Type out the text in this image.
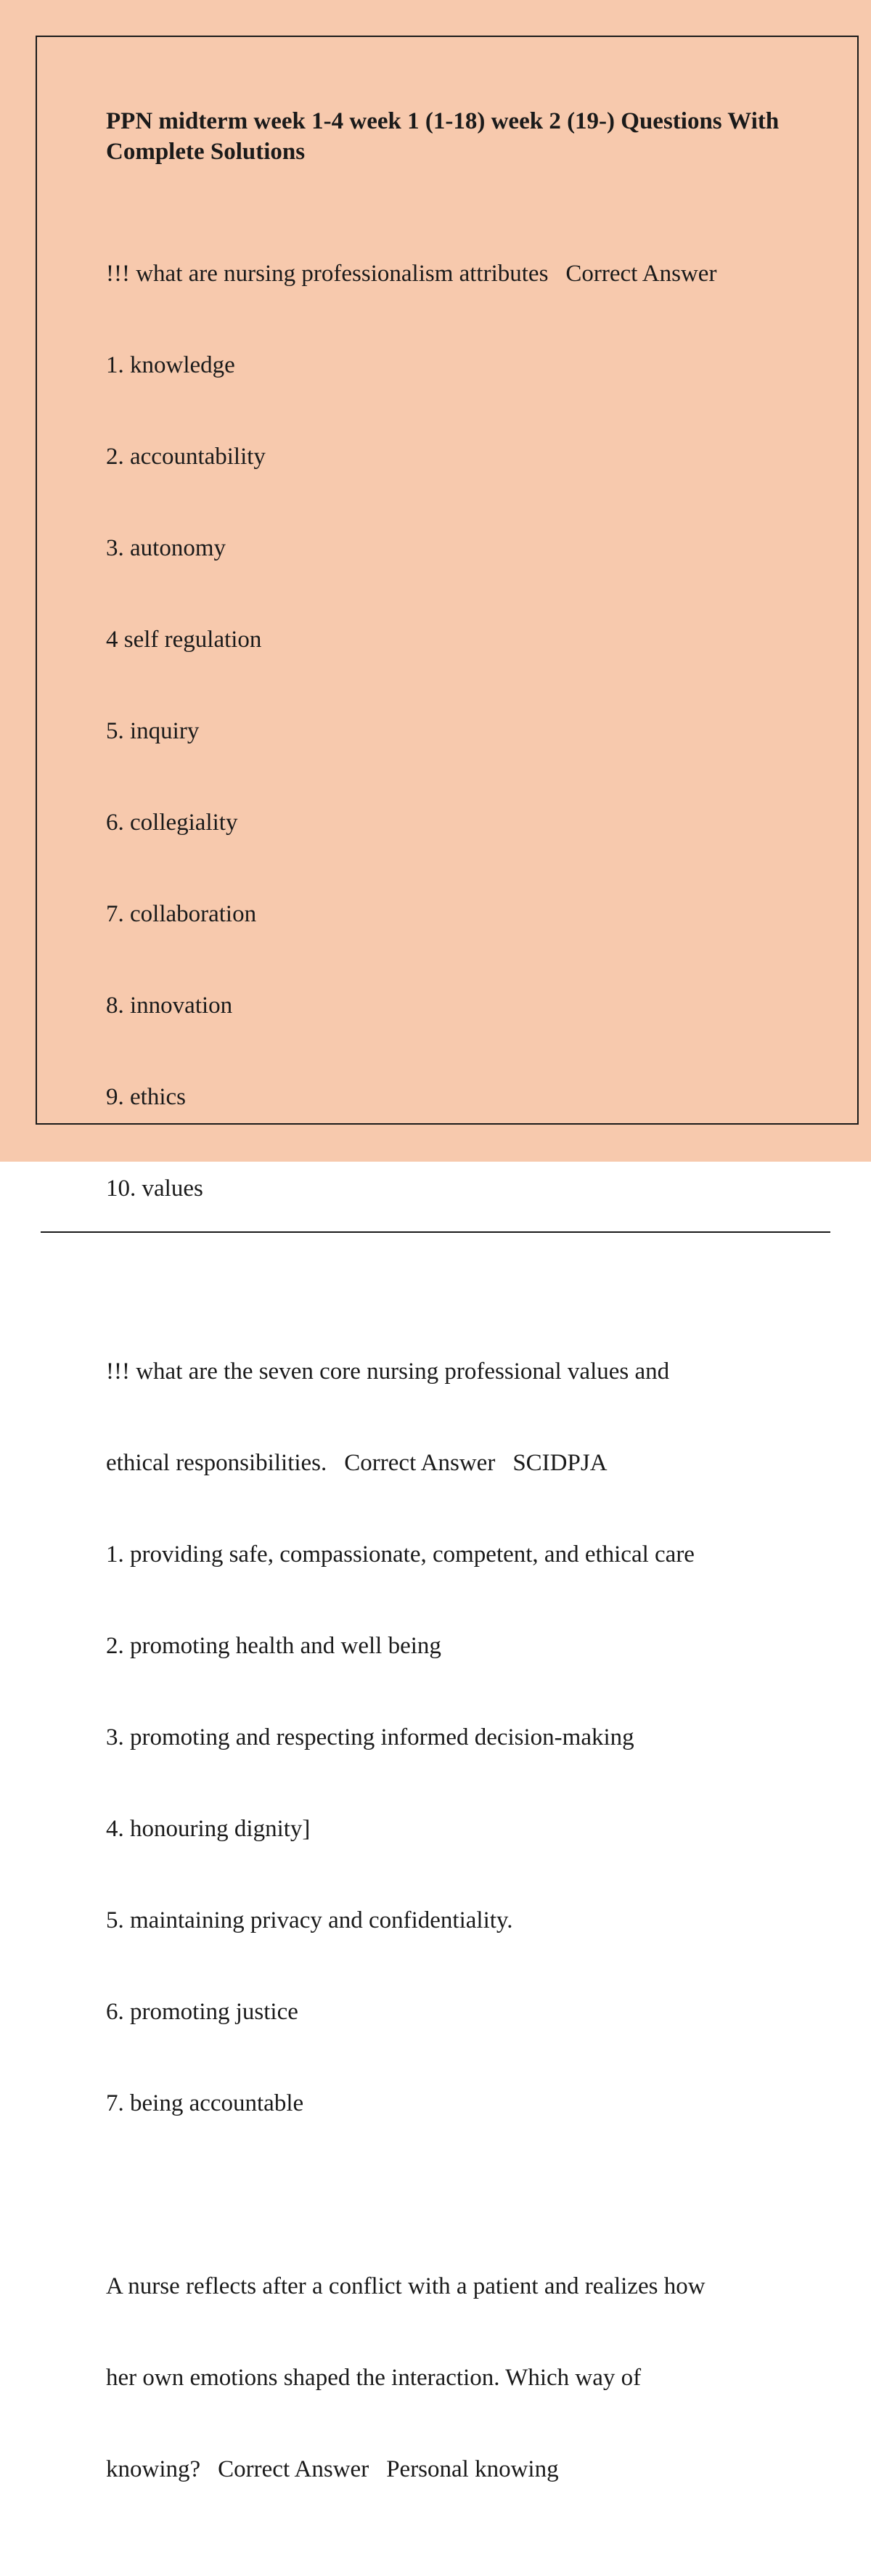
PPN midterm week 1-4 week 1 (1-18) week 2 (19-) Questions With Complete Solutions

!!! what are nursing professionalism attributes Correct Answer

1. knowledge

2. accountability

3. autonomy

4 self regulation

5. inquiry

6. collegiality

7. collaboration

8. innovation

9. ethics

10. values

!!! what are the seven core nursing professional values and

ethical responsibilities. Correct Answer SCIDPJA

1. providing safe, compassionate, competent, and ethical care

2. promoting health and well being

3. promoting and respecting informed decision-making

4. honouring dignity]

5. maintaining privacy and confidentiality.

6. promoting justice

7. being accountable

A nurse reflects after a conflict with a patient and realizes how

her own emotions shaped the interaction. Which way of

knowing? Correct Answer Personal knowing
